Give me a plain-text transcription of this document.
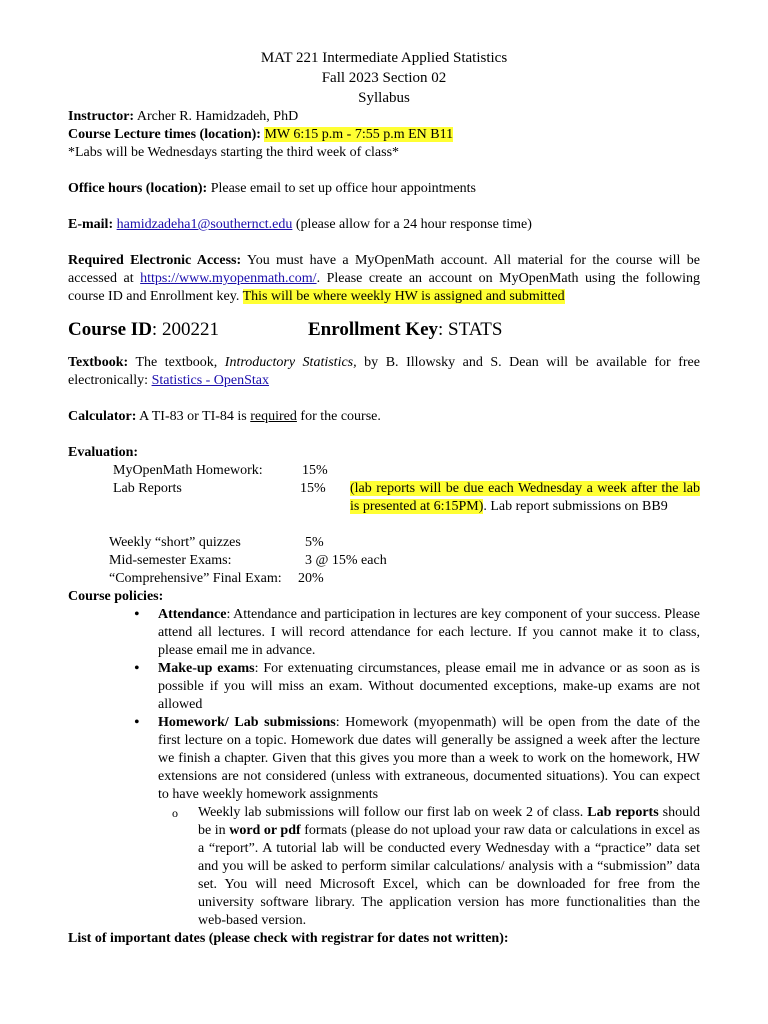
MAT 221 Intermediate Applied Statistics

Fall 2023 Section 02

Syllabus

Instructor: Archer R. Hamidzadeh, PhD

Course Lecture times (location): MW 6:15 p.m - 7:55 p.m EN B11

*Labs will be Wednesdays starting the third week of class*

Office hours (location): Please email to set up office hour appointments

E-mail: hamidzadeha1@southernct.edu (please allow for a 24 hour response time)

Required Electronic Access: You must have a MyOpenMath account. All material for the course will be accessed at https://www.myopenmath.com/. Please create an account on MyOpenMath using the following course ID and Enrollment key. This will be where weekly HW is assigned and submitted

Course ID: 200221	Enrollment Key: STATS

Textbook: The textbook, Introductory Statistics, by B. Illowsky and S. Dean will be available for free electronically: Statistics - OpenStax

Calculator: A TI-83 or TI-84 is required for the course.

Evaluation:

MyOpenMath Homework:	15%
Lab Reports	15% (lab reports will be due each Wednesday a week after the lab is presented at 6:15PM). Lab report submissions on BB9
Weekly “short” quizzes	5%
Mid-semester Exams:	3 @ 15% each
“Comprehensive” Final Exam: 20%

Course policies:

• Attendance: Attendance and participation in lectures are key component of your success. Please attend all lectures. I will record attendance for each lecture. If you cannot make it to class, please email me in advance.
• Make-up exams: For extenuating circumstances, please email me in advance or as soon as is possible if you will miss an exam. Without documented exceptions, make-up exams are not allowed
• Homework/ Lab submissions: Homework (myopenmath) will be open from the date of the first lecture on a topic. Homework due dates will generally be assigned a week after the lecture we finish a chapter. Given that this gives you more than a week to work on the homework, HW extensions are not considered (unless with extraneous, documented situations). You can expect to have weekly homework assignments
o Weekly lab submissions will follow our first lab on week 2 of class. Lab reports should be in word or pdf formats (please do not upload your raw data or calculations in excel as a “report”. A tutorial lab will be conducted every Wednesday with a “practice” data set and you will be asked to perform similar calculations/ analysis with a “submission” data set. You will need Microsoft Excel, which can be downloaded for free from the university software library. The application version has more functionalities than the web-based version.

List of important dates (please check with registrar for dates not written):
